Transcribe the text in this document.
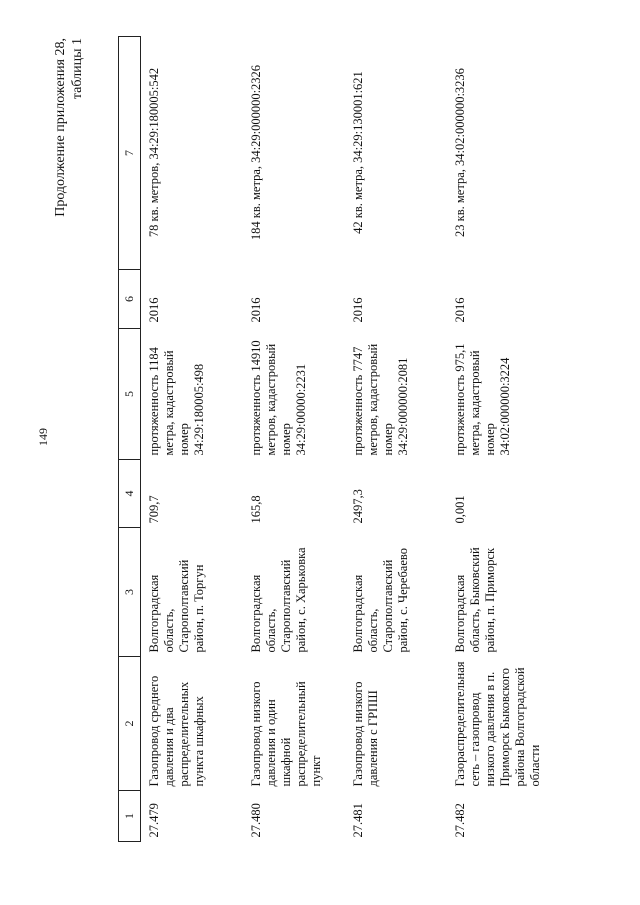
149
Продолжение приложения 28, таблицы 1
1	2	3	4	5	6	7
27.479	Газопровод среднего давления и два распределительных пункта шкафных	Волгоградская область, Старополтавский район, п. Торгун	709,7	протяженность 1184 метра, кадастровый номер 34:29:180005:498	2016	78 кв. метров, 34:29:180005:542
27.480	Газопровод низкого давления и один шкафной распределительный пункт	Волгоградская область, Старополтавский район, с. Харьковка	165,8	протяженность 14910 метров, кадастровый номер 34:29:00000:2231	2016	184 кв. метра, 34:29:000000:2326
27.481	Газопровод низкого давления с ГРПШ	Волгоградская область, Старополтавский район, с. Черебаево	2497,3	протяженность 7747 метров, кадастровый номер 34:29:000000:2081	2016	42 кв. метра, 34:29:130001:621
27.482	Газораспределительная сеть – газопровод низкого давления в п. Приморск Быковского района Волгоградской области	Волгоградская область, Быковский район, п. Приморск	0,001	протяженность 975,1 метра, кадастровый номер 34:02:000000:3224	2016	23 кв. метра, 34:02:000000:3236
